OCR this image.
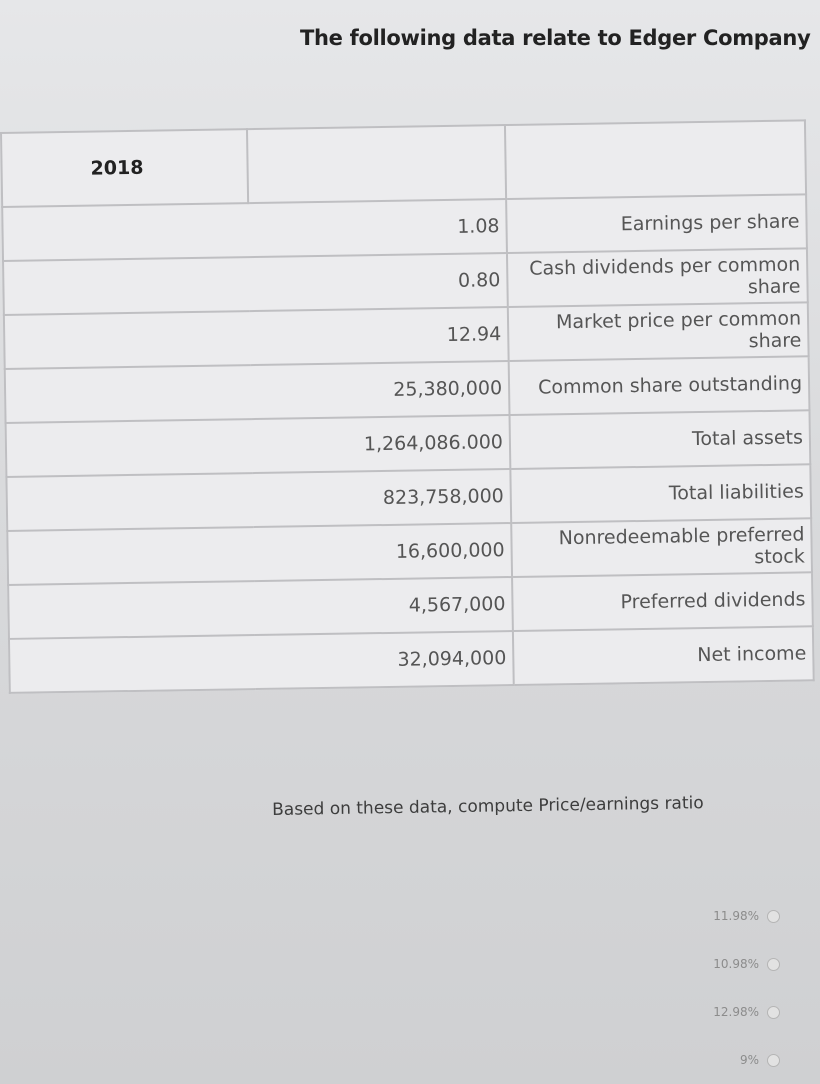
The following data relate to Edger Company
2018		
1.08		Earnings per share
0.80		Cash dividends per common share
12.94		Market price per common share
25,380,000		Common share outstanding
1,264,086.000		Total assets
823,758,000		Total liabilities
16,600,000		Nonredeemable preferred stock
4,567,000		Preferred dividends
32,094,000		Net income
Based on these data, compute Price/earnings ratio
11.98%
10.98%
12.98%
9%
